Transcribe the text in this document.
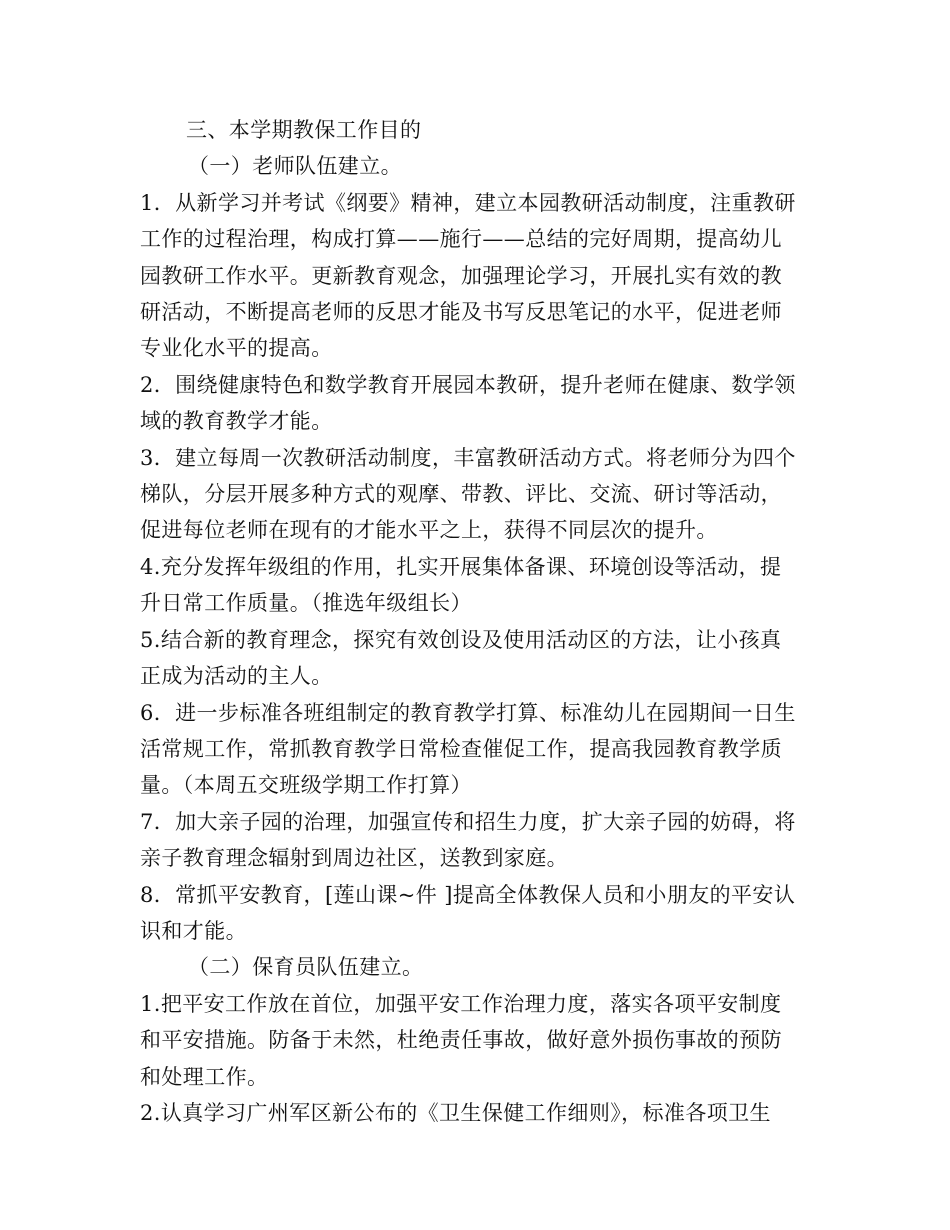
三、本学期教保工作目的
（一）老师队伍建立。
1．从新学习并考试《纲要》精神，建立本园教研活动制度，注重教研
工作的过程治理，构成打算——施行——总结的完好周期，提高幼儿
园教研工作水平。更新教育观念，加强理论学习，开展扎实有效的教
研活动，不断提高老师的反思才能及书写反思笔记的水平，促进老师
专业化水平的提高。
2．围绕健康特色和数学教育开展园本教研，提升老师在健康、数学领
域的教育教学才能。
3．建立每周一次教研活动制度，丰富教研活动方式。将老师分为四个
梯队，分层开展多种方式的观摩、带教、评比、交流、研讨等活动，
促进每位老师在现有的才能水平之上，获得不同层次的提升。
4.充分发挥年级组的作用，扎实开展集体备课、环境创设等活动，提
升日常工作质量。（推选年级组长）
5.结合新的教育理念，探究有效创设及使用活动区的方法，让小孩真
正成为活动的主人。
6．进一步标准各班组制定的教育教学打算、标准幼儿在园期间一日生
活常规工作，常抓教育教学日常检查催促工作，提高我园教育教学质
量。（本周五交班级学期工作打算）
7．加大亲子园的治理，加强宣传和招生力度，扩大亲子园的妨碍，将
亲子教育理念辐射到周边社区，送教到家庭。
8．常抓平安教育，[莲山课~件 ]提高全体教保人员和小朋友的平安认
识和才能。
（二）保育员队伍建立。
1.把平安工作放在首位，加强平安工作治理力度，落实各项平安制度
和平安措施。防备于未然，杜绝责任事故，做好意外损伤事故的预防
和处理工作。
2.认真学习广州军区新公布的《卫生保健工作细则》，标准各项卫生
